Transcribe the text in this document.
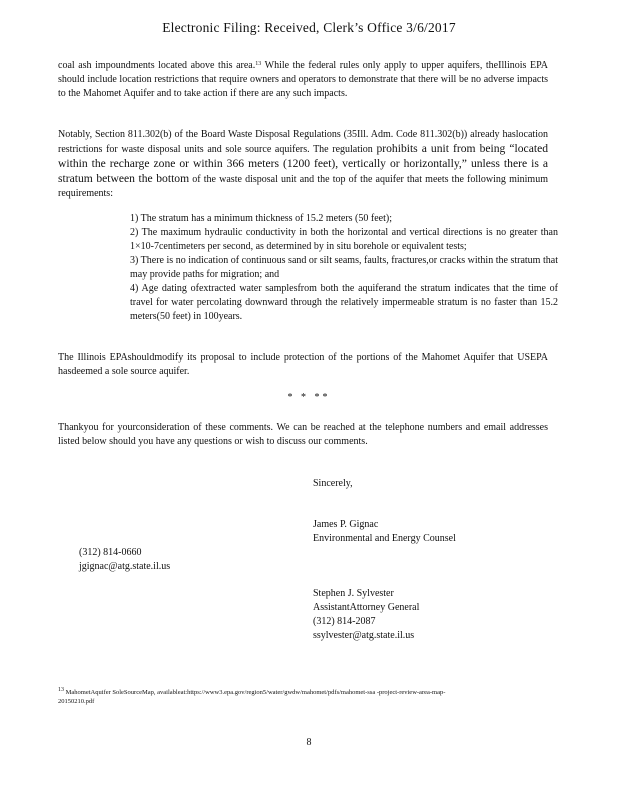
Electronic Filing: Received, Clerk’s Office 3/6/2017
coal ash impoundments located above this area.$^{13}$ While the federal rules only apply to upper aquifers, theIllinois EPA should include location restrictions that require owners and operators to demonstrate that there will be no adverse impacts to the Mahomet Aquifer and to take action if there are any such impacts.
Notably, Section 811.302(b) of the Board Waste Disposal Regulations (35Ill. Adm. Code 811.302(b)) already haslocation restrictions for waste disposal units and sole source aquifers. The regulation prohibits a unit from being “located within the recharge zone or within 366 meters (1200 feet), vertically or horizontally,” unless there is a stratum between the bottom of the waste disposal unit and the top of the aquifer that meets the following minimum requirements:
1) The stratum has a minimum thickness of 15.2 meters (50 feet);
2) The maximum hydraulic conductivity in both the horizontal and vertical directions is no greater than 1×10-7centimeters per second, as determined by in situ borehole or equivalent tests;
3) There is no indication of continuous sand or silt seams, faults, fractures,or cracks within the stratum that may provide paths for migration; and
4) Age dating ofextracted water samplesfrom both the aquiferand the stratum indicates that the time of travel for water percolating downward through the relatively impermeable stratum is no faster than 15.2 meters(50 feet) in 100years.
The Illinois EPAshouldmodify its proposal to include protection of the portions of the Mahomet Aquifer that USEPA hasdeemed a sole source aquifer.
* * **
Thankyou for yourconsideration of these comments. We can be reached at the telephone numbers and email addresses listed below should you have any questions or wish to discuss our comments.
Sincerely,
James P. Gignac
Environmental and Energy Counsel
(312) 814-0660
jgignac@atg.state.il.us
Stephen J. Sylvester
AssistantAttorney General
(312) 814-2087
ssylvester@atg.state.il.us
$^{13}$ MahometAquifer SoleSourceMap, availableat:https://www3.epa.gov/region5/water/gwdw/mahomet/pdfs/mahomet-ssa -project-review-area-map-20150210.pdf
8
